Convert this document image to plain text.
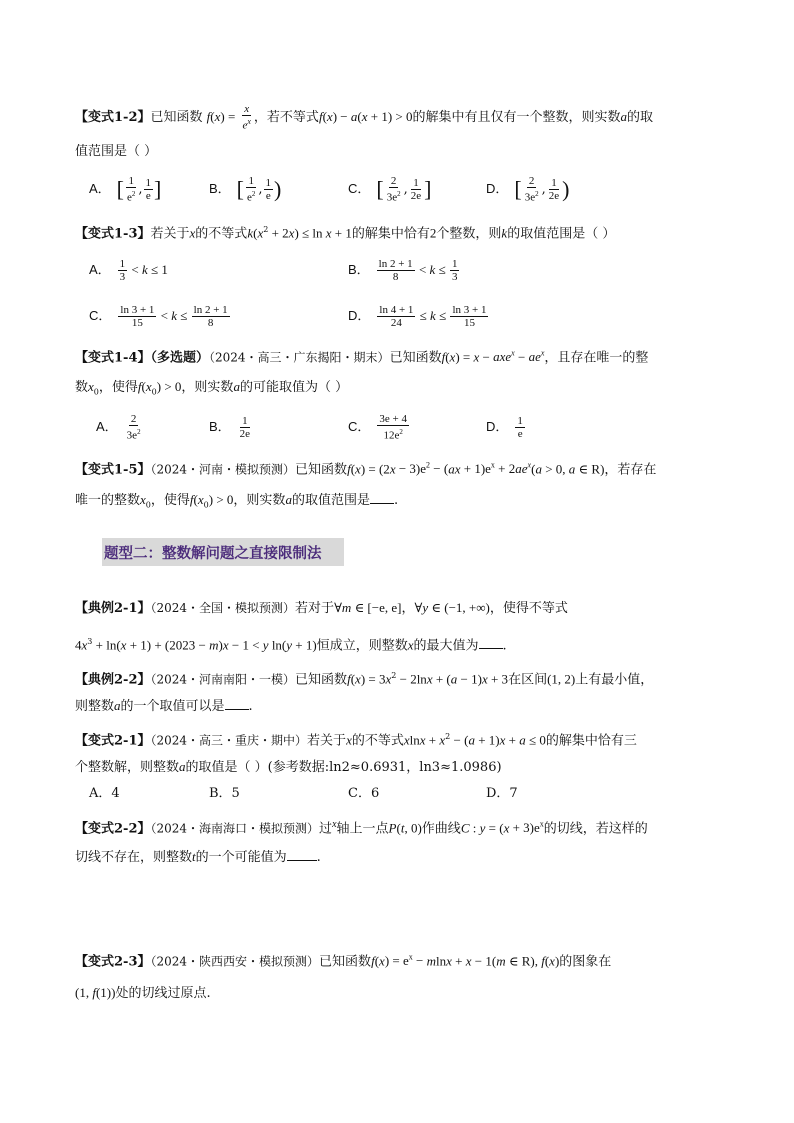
【变式1-2】已知函数 $f(x) = \frac{x}{e^x}$ ，若不等式f(x) − a(x + 1) > 0的解集中有且仅有一个整数，则实数a的取
值范围是（ ）
A． [ $\frac{1}{e^2}$ , $\frac{1}{e}$ ]	B． [ $\frac{1}{e^2}$ , $\frac{1}{e}$ )	C． [ $\frac{2}{3e^2}$ , $\frac{1}{2e}$ ]	D． [ $\frac{2}{3e^2}$ , $\frac{1}{2e}$ )
【变式1-3】若关于x的不等式$k(x^2 + 2x) \le \ln x + 1$的解集中恰有2个整数，则k的取值范围是（ ）
A． $\frac{1}{3} < k \le 1$	B． $\frac{\ln 2 + 1}{8} < k \le \frac{1}{3}$
C． $\frac{\ln 3 + 1}{15} < k \le \frac{\ln 2 + 1}{8}$	D． $\frac{\ln 4 + 1}{24} \le k \le \frac{\ln 3 + 1}{15}$
【变式1-4】（多选题）（2024・高三・广东揭阳・期末）已知函数$f(x) = x - axe^x - ae^x$，且存在唯一的整
数$x_0$，使得$f(x_0) > 0$，则实数a的可能取值为（ ）
A． $\frac{2}{3e^2}$	B． $\frac{1}{2e}$	C． $\frac{3e + 4}{12e^2}$	D． $\frac{1}{e}$
【变式1-5】（2024・河南・模拟预测）已知函数$f(x) = (2x - 3)e^2 - (ax + 1)e^x + 2ae^x(a > 0$, a ∈ R)，若存在
唯一的整数$x_0$，使得$f(x_0) > 0$，则实数a的取值范围是 .
题型二：整数解问题之直接限制法
【典例2-1】（2024・全国・模拟预测）若对于∀m ∈ [−e, e]，∀y ∈ (−1, +∞)，使得不等式
$4x^3 + \ln(x + 1) + (2023 - m)x - 1 < y$ ln(y + 1)恒成立，则整数x的最大值为 .
【典例2-2】（2024・河南南阳・一模）已知函数$f(x) = 3x^2 - 2\ln x + (a - 1)x + 3$在区间(1, 2)上有最小值，
则整数a的一个取值可以是 .
【变式2-1】（2024・高三・重庆・期中）若关于x的不等式$xlnx + x^2 - (a + 1)x + a \le 0$的解集中恰有三
个整数解，则整数a的取值是（ ）(参考数据:ln2≈0.6931，ln3≈1.0986)
A．4	B．5	C．6	D．7
【变式2-2】（2024・海南海口・模拟预测）过$^x$轴上一点P(t, 0)作曲线C : $y = (x + 3)e^x$的切线，若这样的
切线不存在，则整数t的一个可能值为 .
【变式2-3】（2024・陕西西安・模拟预测）已知函数$f(x) = e^x - mlnx + x - 1(m$ ∈ R), f(x)的图象在
(1, f(1))处的切线过原点.
